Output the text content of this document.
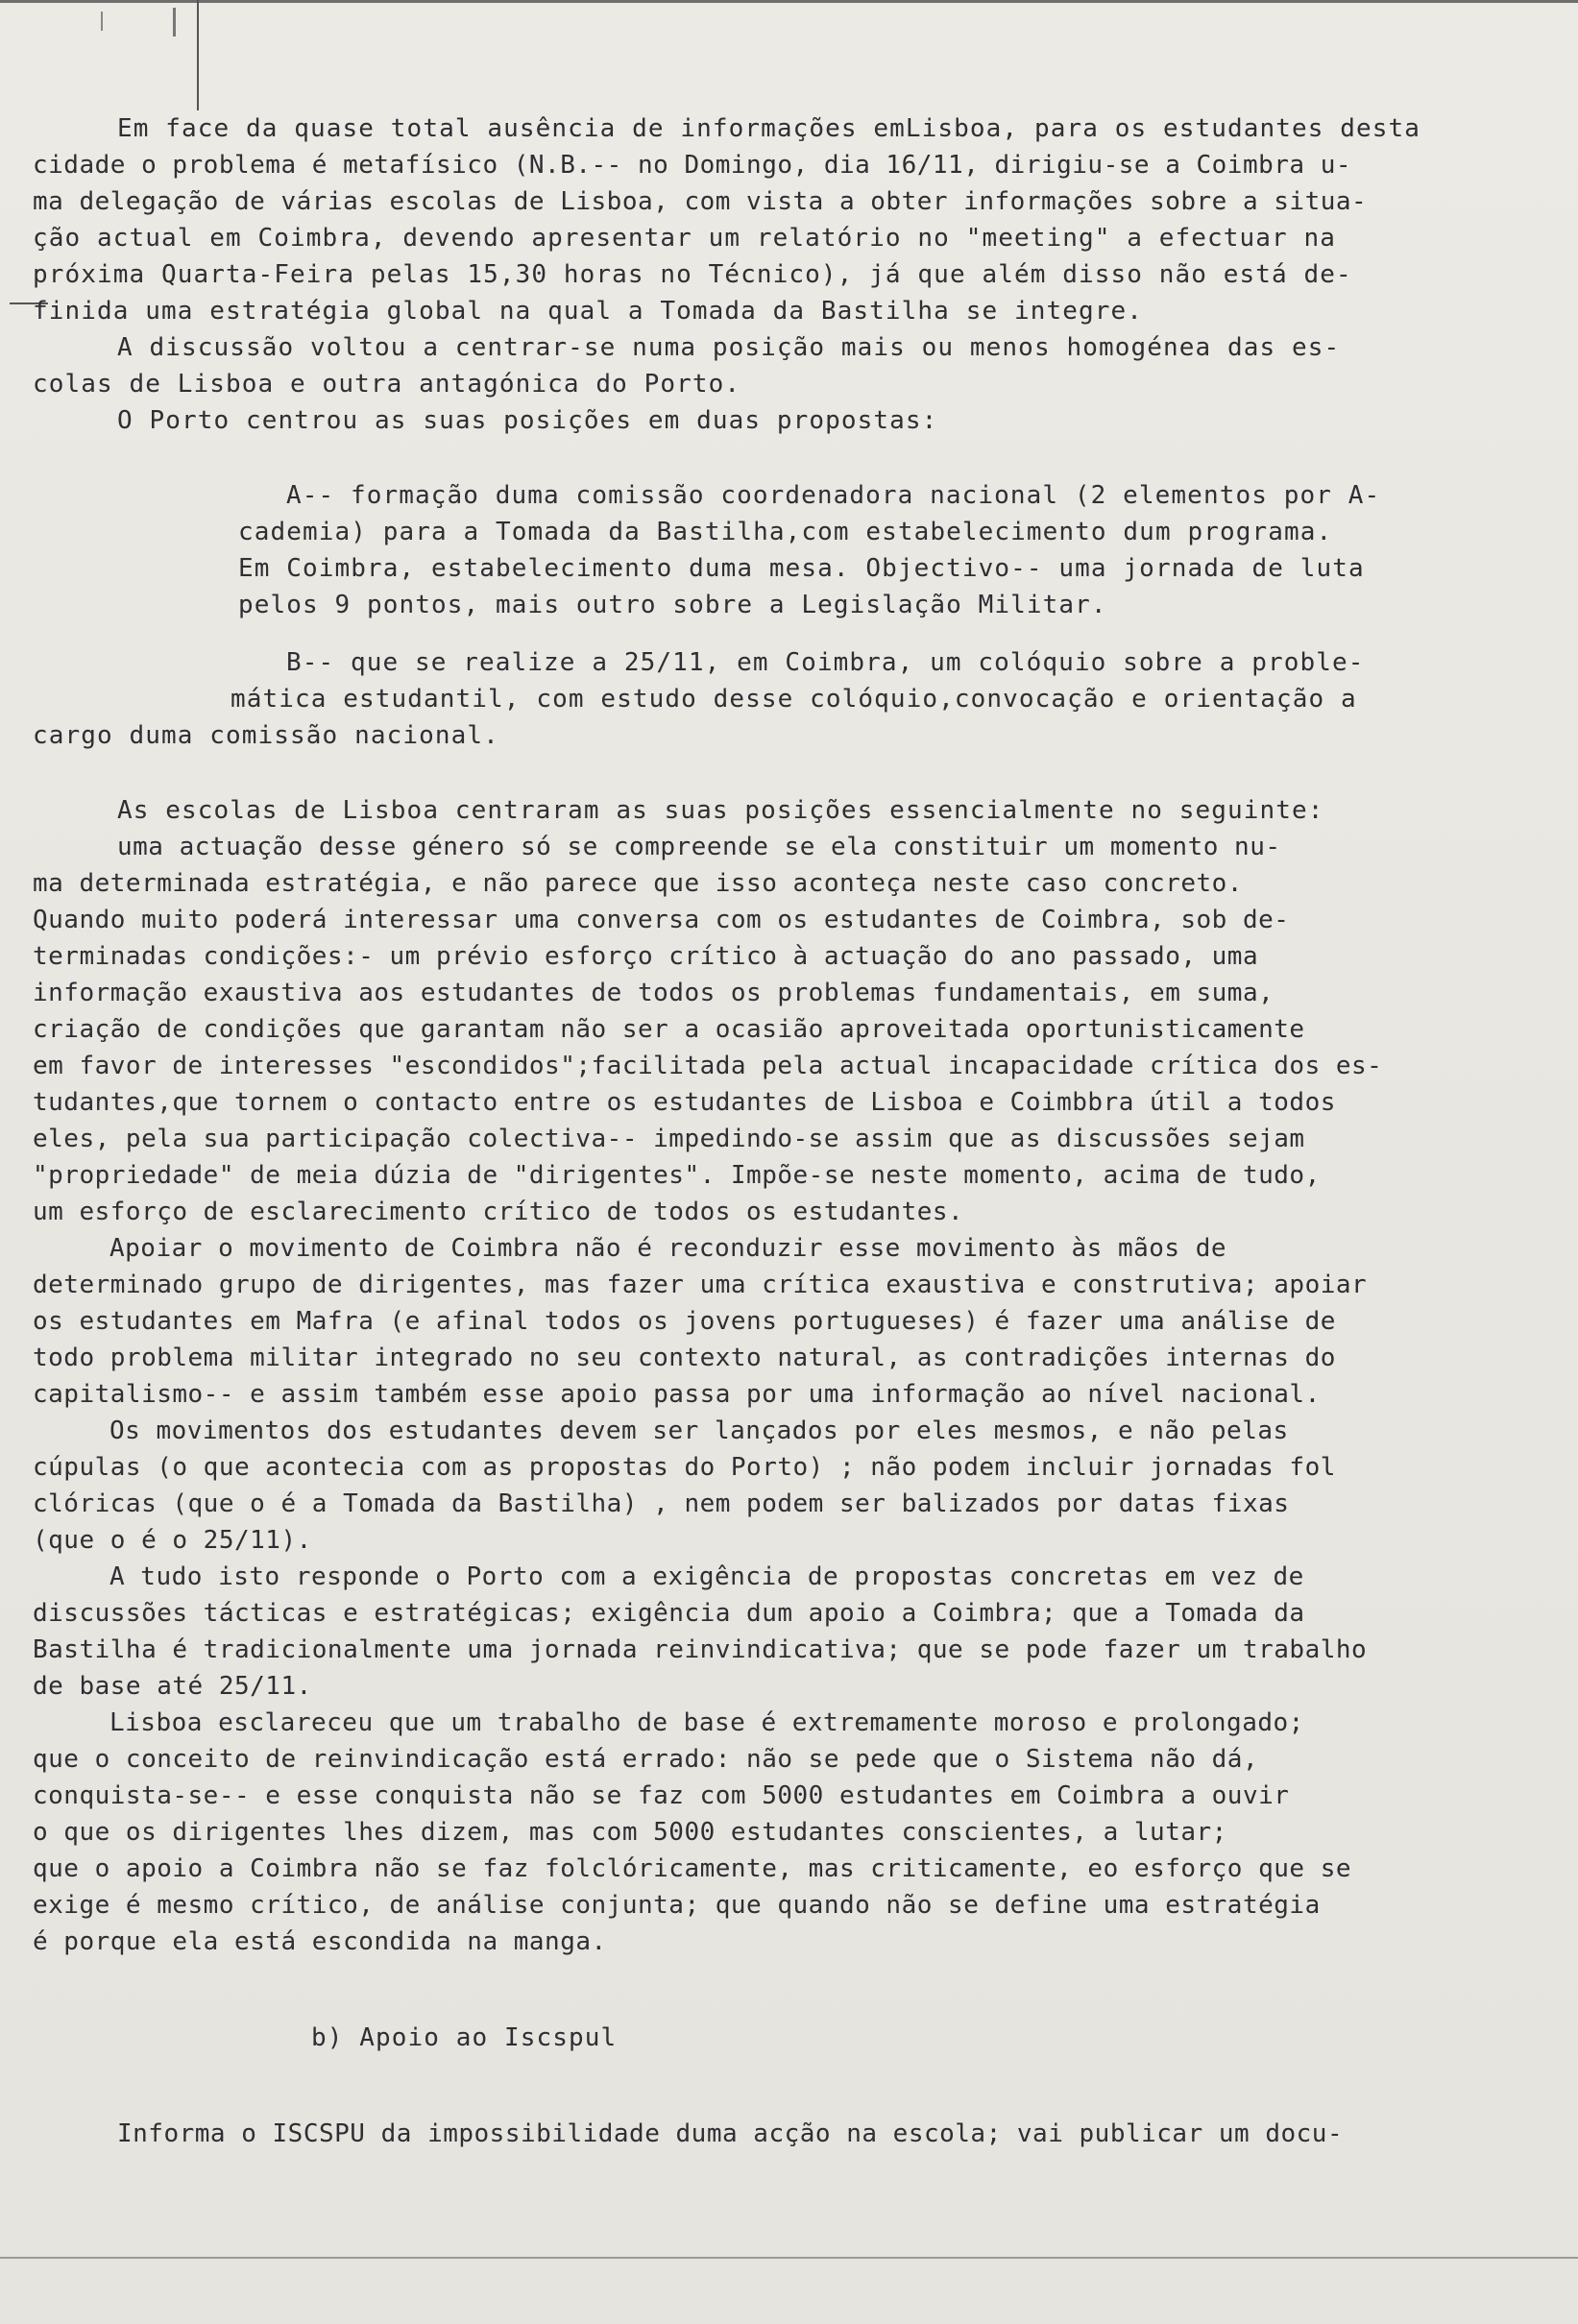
Em face da quase total ausência de informações emLisboa, para os estudantes desta
cidade o problema é metafísico (N.B.-- no Domingo, dia 16/11, dirigiu-se a Coimbra u-
ma delegação de várias escolas de Lisboa, com vista a obter informações sobre a situa-
ção actual em Coimbra, devendo apresentar um relatório no "meeting" a efectuar na
próxima Quarta-Feira pelas 15,30 horas no Técnico), já que além disso não está de-
finida uma estratégia global na qual a Tomada da Bastilha se integre.
A discussão voltou a centrar-se numa posição mais ou menos homogénea das es-
colas de Lisboa e outra antagónica do Porto.
O Porto centrou as suas posições em duas propostas:
A-- formação duma comissão coordenadora nacional (2 elementos por A-
cademia) para a Tomada da Bastilha,com estabelecimento dum programa.
Em Coimbra, estabelecimento duma mesa. Objectivo-- uma jornada de luta
pelos 9 pontos, mais outro sobre a Legislação Militar.
B-- que se realize a 25/11, em Coimbra, um colóquio sobre a proble-
mática estudantil, com estudo desse colóquio,convocação e orientação a
cargo duma comissão nacional.
As escolas de Lisboa centraram as suas posições essencialmente no seguinte:
uma actuação desse género só se compreende se ela constituir um momento nu-
ma determinada estratégia, e não parece que isso aconteça neste caso concreto.
Quando muito poderá interessar uma conversa com os estudantes de Coimbra, sob de-
terminadas condições:- um prévio esforço crítico à actuação do ano passado, uma
informação exaustiva aos estudantes de todos os problemas fundamentais, em suma,
criação de condições que garantam não ser a ocasião aproveitada oportunisticamente
em favor de interesses "escondidos";facilitada pela actual incapacidade crítica dos es-
tudantes,que tornem o contacto entre os estudantes de Lisboa e Coimbbra útil a todos
eles, pela sua participação colectiva-- impedindo-se assim que as discussões sejam
"propriedade" de meia dúzia de "dirigentes". Impõe-se neste momento, acima de tudo,
um esforço de esclarecimento crítico de todos os estudantes.
Apoiar o movimento de Coimbra não é reconduzir esse movimento às mãos de
determinado grupo de dirigentes, mas fazer uma crítica exaustiva e construtiva; apoiar
os estudantes em Mafra (e afinal todos os jovens portugueses) é fazer uma análise de
todo problema militar integrado no seu contexto natural, as contradições internas do
capitalismo-- e assim também esse apoio passa por uma informação ao nível nacional.
Os movimentos dos estudantes devem ser lançados por eles mesmos, e não pelas
cúpulas (o que acontecia com as propostas do Porto) ; não podem incluir jornadas fol
clóricas (que o é a Tomada da Bastilha) , nem podem ser balizados por datas fixas
(que o é o 25/11).
A tudo isto responde o Porto com a exigência de propostas concretas em vez de
discussões tácticas e estratégicas; exigência dum apoio a Coimbra; que a Tomada da
Bastilha é tradicionalmente uma jornada reinvindicativa; que se pode fazer um trabalho
de base até 25/11.
Lisboa esclareceu que um trabalho de base é extremamente moroso e prolongado;
que o conceito de reinvindicação está errado: não se pede que o Sistema não dá,
conquista-se-- e esse conquista não se faz com 5000 estudantes em Coimbra a ouvir
o que os dirigentes lhes dizem, mas com 5000 estudantes conscientes, a lutar;
que o apoio a Coimbra não se faz folclóricamente, mas criticamente, eo esforço que se
exige é mesmo crítico, de análise conjunta; que quando não se define uma estratégia
é porque ela está escondida na manga.
b) Apoio ao Iscspul
Informa o ISCSPU da impossibilidade duma acção na escola; vai publicar um docu-
